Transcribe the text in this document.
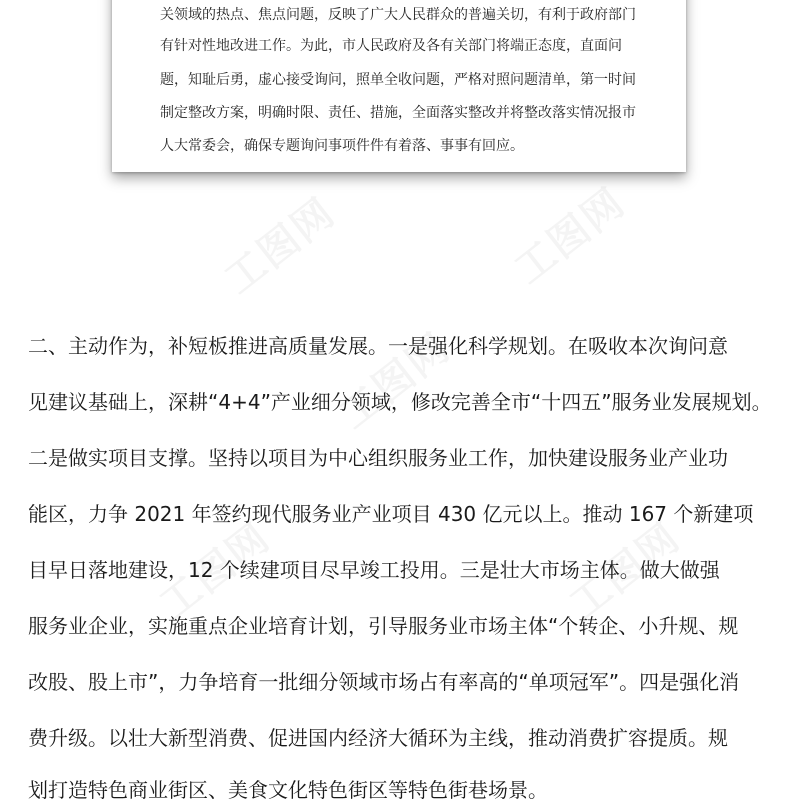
关领域的热点、焦点问题，反映了广大人民群众的普遍关切，有利于政府部门
有针对性地改进工作。为此，市人民政府及各有关部门将端正态度，直面问
题，知耻后勇，虚心接受询问，照单全收问题，严格对照问题清单，第一时间
制定整改方案，明确时限、责任、措施，全面落实整改并将整改落实情况报市
人大常委会，确保专题询问事项件件有着落、事事有回应。
二、主动作为，补短板推进高质量发展。一是强化科学规划。在吸收本次询问意
见建议基础上，深耕“4+4”产业细分领域，修改完善全市“十四五”服务业发展规划。
二是做实项目支撑。坚持以项目为中心组织服务业工作，加快建设服务业产业功
能区，力争 2021 年签约现代服务业产业项目 430 亿元以上。推动 167 个新建项
目早日落地建设，12 个续建项目尽早竣工投用。三是壮大市场主体。做大做强
服务业企业，实施重点企业培育计划，引导服务业市场主体“个转企、小升规、规
改股、股上市”，力争培育一批细分领域市场占有率高的“单项冠军”。四是强化消
费升级。以壮大新型消费、促进国内经济大循环为主线，推动消费扩容提质。规
划打造特色商业街区、美食文化特色街区等特色街巷场景。
